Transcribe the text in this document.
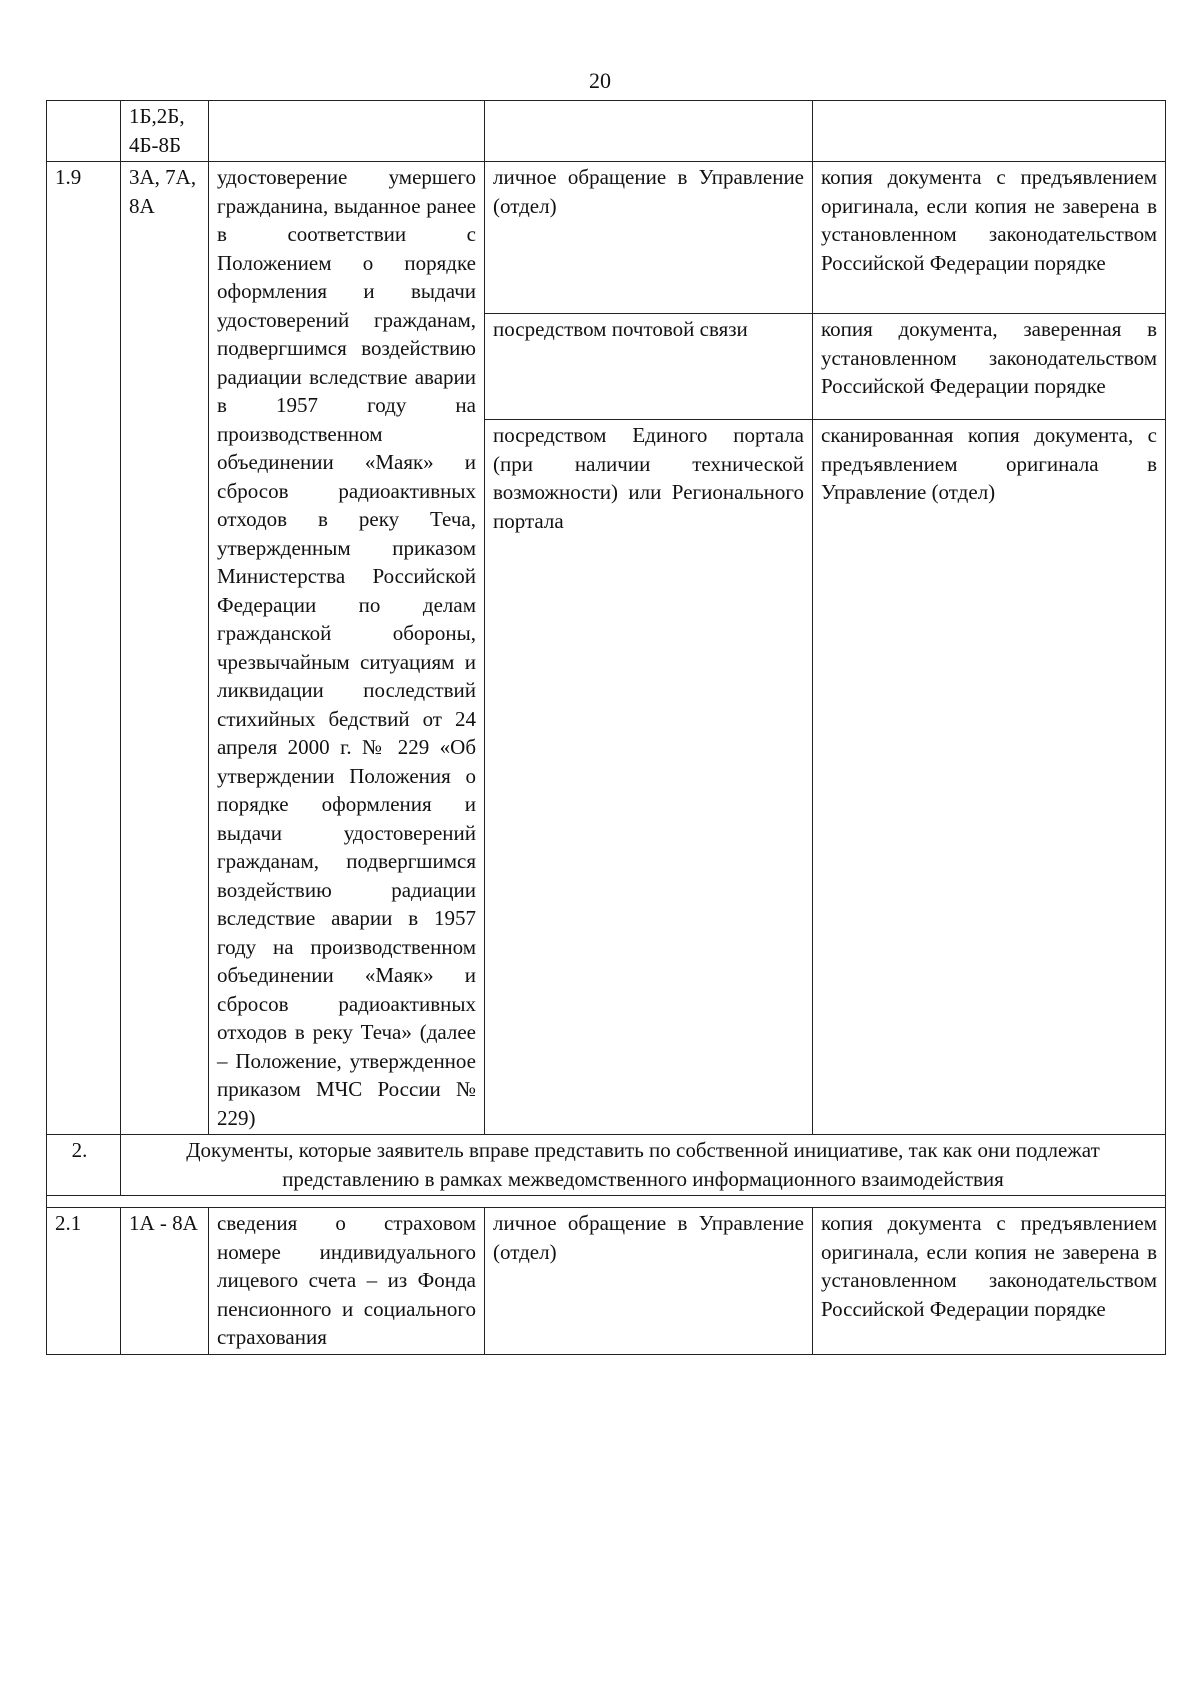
20
	1Б,2Б, 4Б-8Б			
1.9	3А, 7А, 8А	удостоверение умершего гражданина, выданное ранее в соответствии с Положением о порядке оформления и выдачи удостоверений гражданам, подвергшимся воздействию радиации вследствие аварии в 1957 году на производственном объединении «Маяк» и сбросов радиоактивных отходов в реку Теча, утвержденным приказом Министерства Российской Федерации по делам гражданской обороны, чрезвычайным ситуациям и ликвидации последствий стихийных бедствий от 24 апреля 2000 г. № 229 «Об утверждении Положения о порядке оформления и выдачи удостоверений гражданам, подвергшимся воздействию радиации вследствие аварии в 1957 году на производственном объединении «Маяк» и сбросов радиоактивных отходов в реку Теча» (далее – Положение, утвержденное приказом МЧС России № 229)	личное обращение в Управление (отдел)	копия документа с предъявлением оригинала, если копия не заверена в установленном законодательством Российской Федерации порядке
			посредством почтовой связи	копия документа, заверенная в установленном законодательством Российской Федерации порядке
			посредством Единого портала (при наличии технической возможности) или Регионального портала	сканированная копия документа, с предъявлением оригинала в Управление (отдел)
2.	Документы, которые заявитель вправе представить по собственной инициативе, так как они подлежат представлению в рамках межведомственного информационного взаимодействия			

2.1	1А - 8А	сведения о страховом номере индивидуального лицевого счета – из Фонда пенсионного и социального страхования	личное обращение в Управление (отдел)	копия документа с предъявлением оригинала, если копия не заверена в установленном законодательством Российской Федерации порядке
